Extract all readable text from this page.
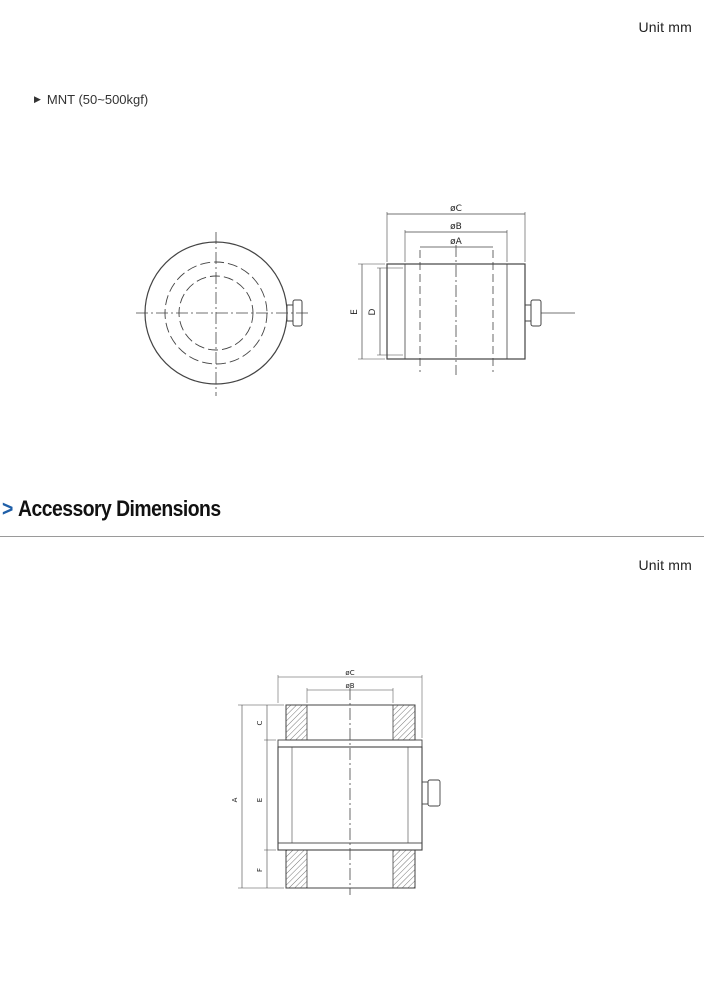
Unit mm
▶ MNT (50~500kgf)
øC
øB
øA
E D
> Accessory Dimensions
Unit mm
øC
øB
A
C
E
F
